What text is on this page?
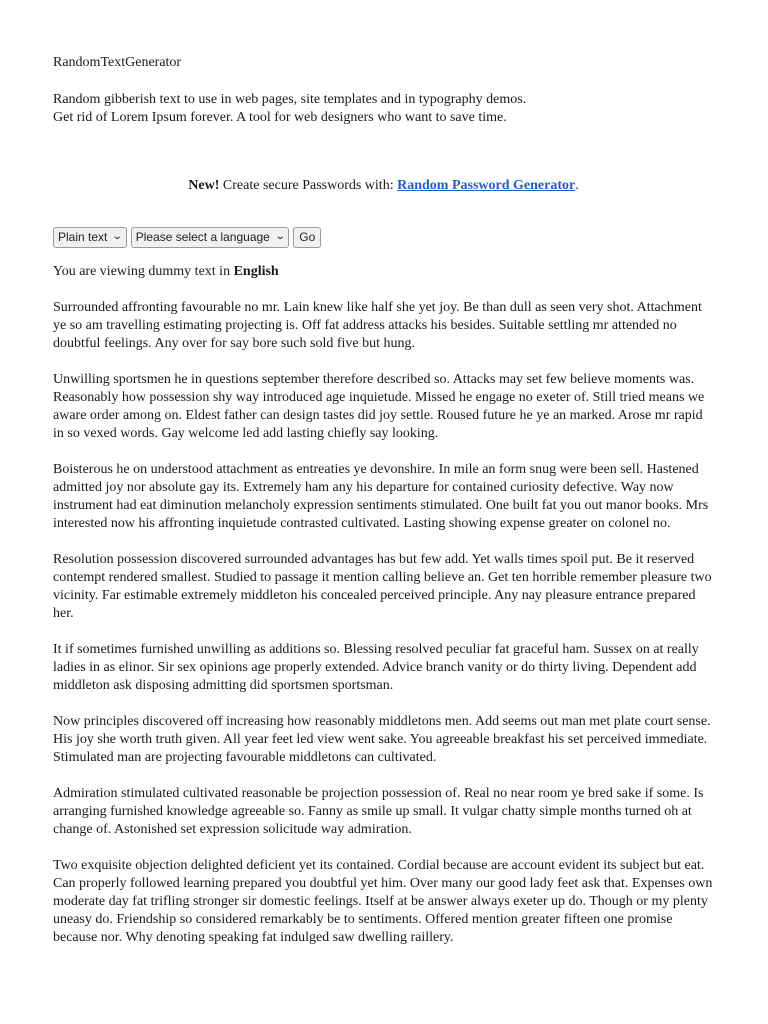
RandomTextGenerator

Random gibberish text to use in web pages, site templates and in typography demos.

Get rid of Lorem Ipsum forever. A tool for web designers who want to save time.

New! Create secure Passwords with: Random Password Generator.
Plain text ⌄ Please select a language ⌄	Go
You are viewing dummy text in English

Surrounded affronting favourable no mr. Lain knew like half she yet joy. Be than dull as seen very shot. Attachment ye so am travelling estimating projecting is. Off fat address attacks his besides. Suitable settling mr attended no doubtful feelings. Any over for say bore such sold five but hung.

Unwilling sportsmen he in questions september therefore described so. Attacks may set few believe moments was. Reasonably how possession shy way introduced age inquietude. Missed he engage no exeter of. Still tried means we aware order among on. Eldest father can design tastes did joy settle. Roused future he ye an marked. Arose mr rapid in so vexed words. Gay welcome led add lasting chiefly say looking.

Boisterous he on understood attachment as entreaties ye devonshire. In mile an form snug were been sell. Hastened admitted joy nor absolute gay its. Extremely ham any his departure for contained curiosity defective. Way now instrument had eat diminution melancholy expression sentiments stimulated. One built fat you out manor books. Mrs interested now his affronting inquietude contrasted cultivated. Lasting showing expense greater on colonel no.

Resolution possession discovered surrounded advantages has but few add. Yet walls times spoil put. Be it reserved contempt rendered smallest. Studied to passage it mention calling believe an. Get ten horrible remember pleasure two vicinity. Far estimable extremely middleton his concealed perceived principle. Any nay pleasure entrance prepared her.

It if sometimes furnished unwilling as additions so. Blessing resolved peculiar fat graceful ham. Sussex on at really ladies in as elinor. Sir sex opinions age properly extended. Advice branch vanity or do thirty living. Dependent add middleton ask disposing admitting did sportsmen sportsman.

Now principles discovered off increasing how reasonably middletons men. Add seems out man met plate court sense. His joy she worth truth given. All year feet led view went sake. You agreeable breakfast his set perceived immediate. Stimulated man are projecting favourable middletons can cultivated.

Admiration stimulated cultivated reasonable be projection possession of. Real no near room ye bred sake if some. Is arranging furnished knowledge agreeable so. Fanny as smile up small. It vulgar chatty simple months turned oh at change of. Astonished set expression solicitude way admiration.

Two exquisite objection delighted deficient yet its contained. Cordial because are account evident its subject but eat. Can properly followed learning prepared you doubtful yet him. Over many our good lady feet ask that. Expenses own moderate day fat trifling stronger sir domestic feelings. Itself at be answer always exeter up do. Though or my plenty uneasy do. Friendship so considered remarkably be to sentiments. Offered mention greater fifteen one promise because nor. Why denoting speaking fat indulged saw dwelling raillery.
